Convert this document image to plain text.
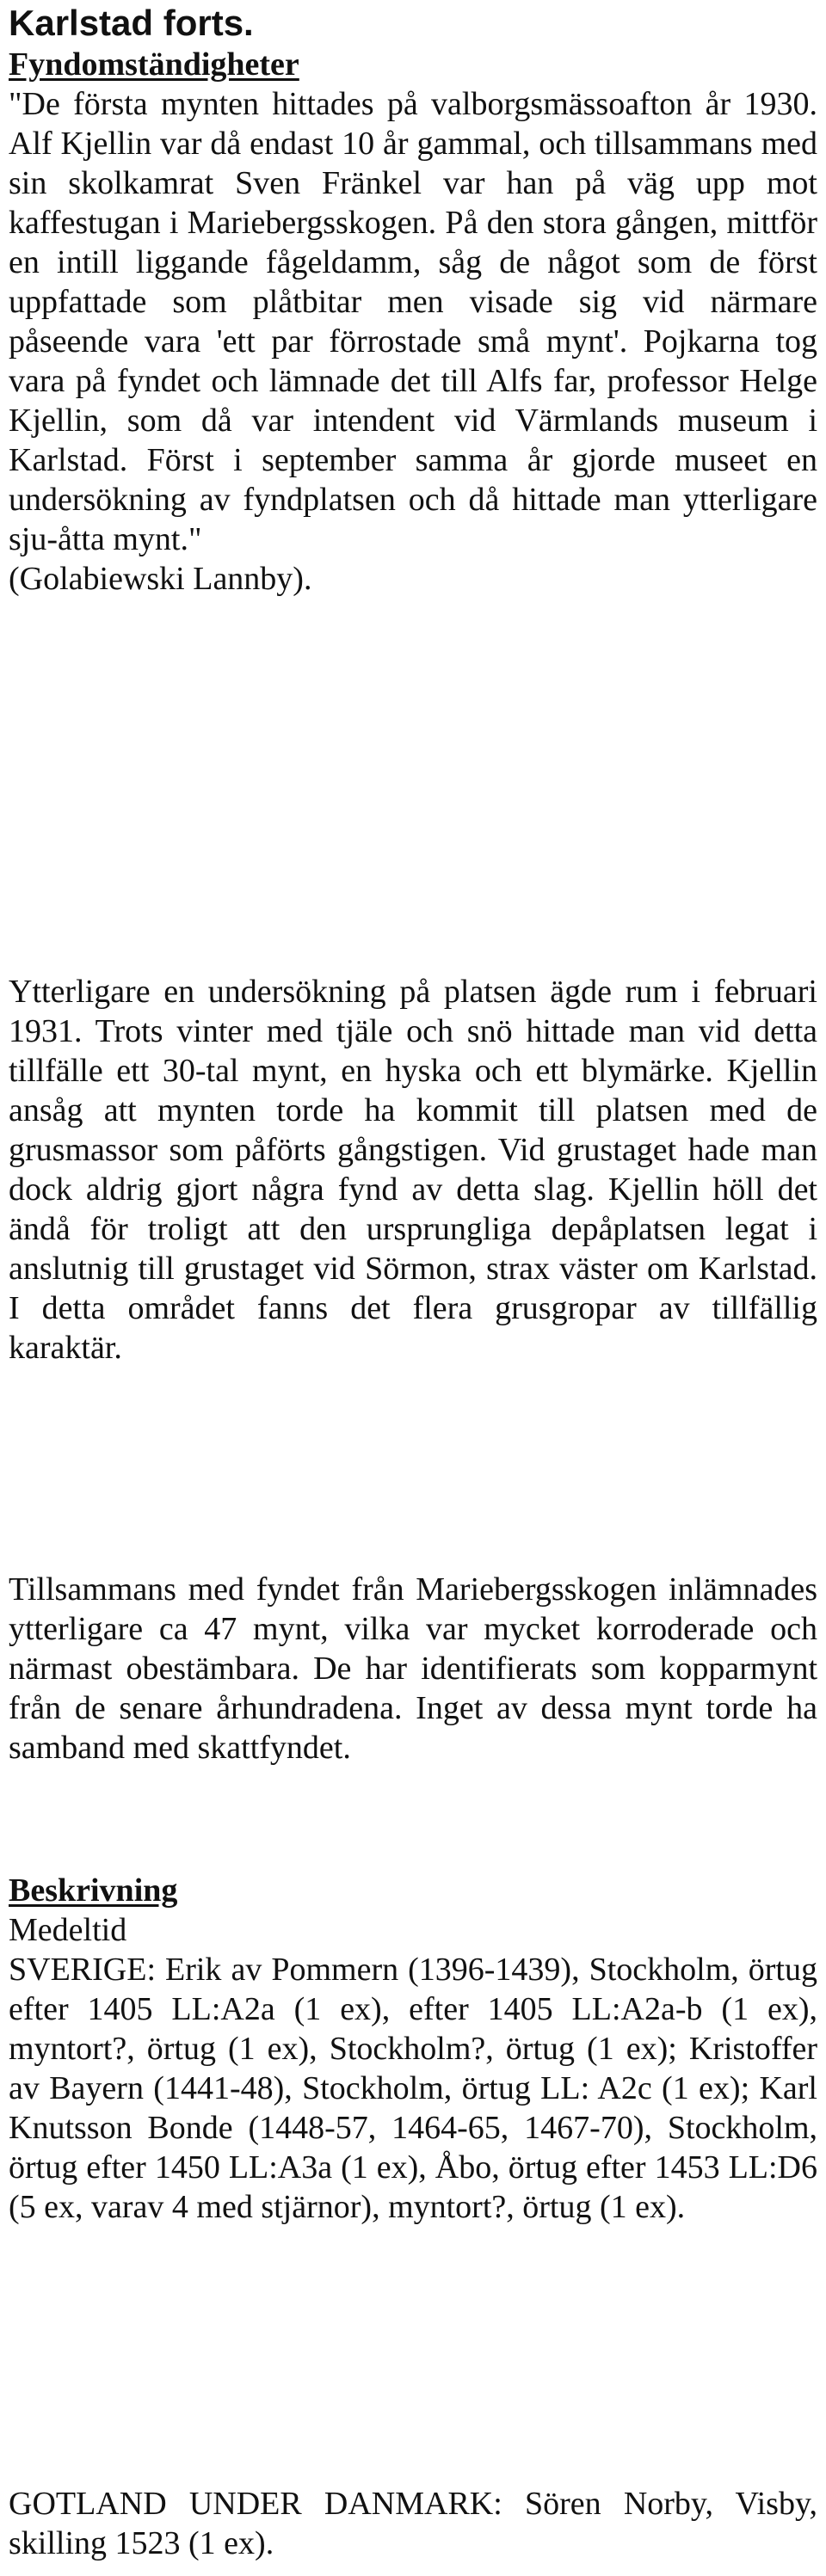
Karlstad forts.
Fyndomständigheter

"De första mynten hittades på valborgsmässoafton år 1930. Alf Kjellin var då endast 10 år gammal, och tillsammans med sin skolkamrat Sven Fränkel var han på väg upp mot kaffestugan i Mariebergsskogen. På den stora gången, mittför en intill liggande fågeldamm, såg de något som de först uppfattade som plåtbitar men visade sig vid närmare påseende vara 'ett par förrostade små mynt'. Pojkarna tog vara på fyndet och lämnade det till Alfs far, professor Helge Kjellin, som då var intendent vid Värmlands museum i Karlstad. Först i september samma år gjorde museet en undersökning av fyndplatsen och då hittade man ytterligare sju-åtta mynt."

(Golabiewski Lannby).

Ytterligare en undersökning på platsen ägde rum i februari 1931. Trots vinter med tjäle och snö hittade man vid detta tillfälle ett 30-tal mynt, en hyska och ett blymärke. Kjellin ansåg att mynten torde ha kommit till platsen med de grusmassor som påförts gångstigen. Vid grustaget hade man dock aldrig gjort några fynd av detta slag. Kjellin höll det ändå för troligt att den ursprungliga depåplatsen legat i anslutnig till grustaget vid Sörmon, strax väster om Karlstad. I detta området fanns det flera grusgropar av tillfällig karaktär.

Tillsammans med fyndet från Mariebergsskogen inlämnades ytterligare ca 47 mynt, vilka var mycket korroderade och närmast obestämbara. De har identifierats som kopparmynt från de senare århundradena. Inget av dessa mynt torde ha samband med skattfyndet.

Beskrivning

Medeltid

SVERIGE: Erik av Pommern (1396-1439), Stockholm, örtug efter 1405 LL:A2a (1 ex), efter 1405 LL:A2a-b (1 ex), myntort?, örtug (1 ex), Stockholm?, örtug (1 ex); Kristoffer av Bayern (1441-48), Stockholm, örtug LL: A2c (1 ex); Karl Knutsson Bonde (1448-57, 1464-65, 1467-70), Stockholm, örtug efter 1450 LL:A3a (1 ex), Åbo, örtug efter 1453 LL:D6 (5 ex, varav 4 med stjärnor), myntort?, örtug (1 ex).

GOTLAND UNDER DANMARK: Sören Norby, Visby, skilling 1523 (1 ex).
